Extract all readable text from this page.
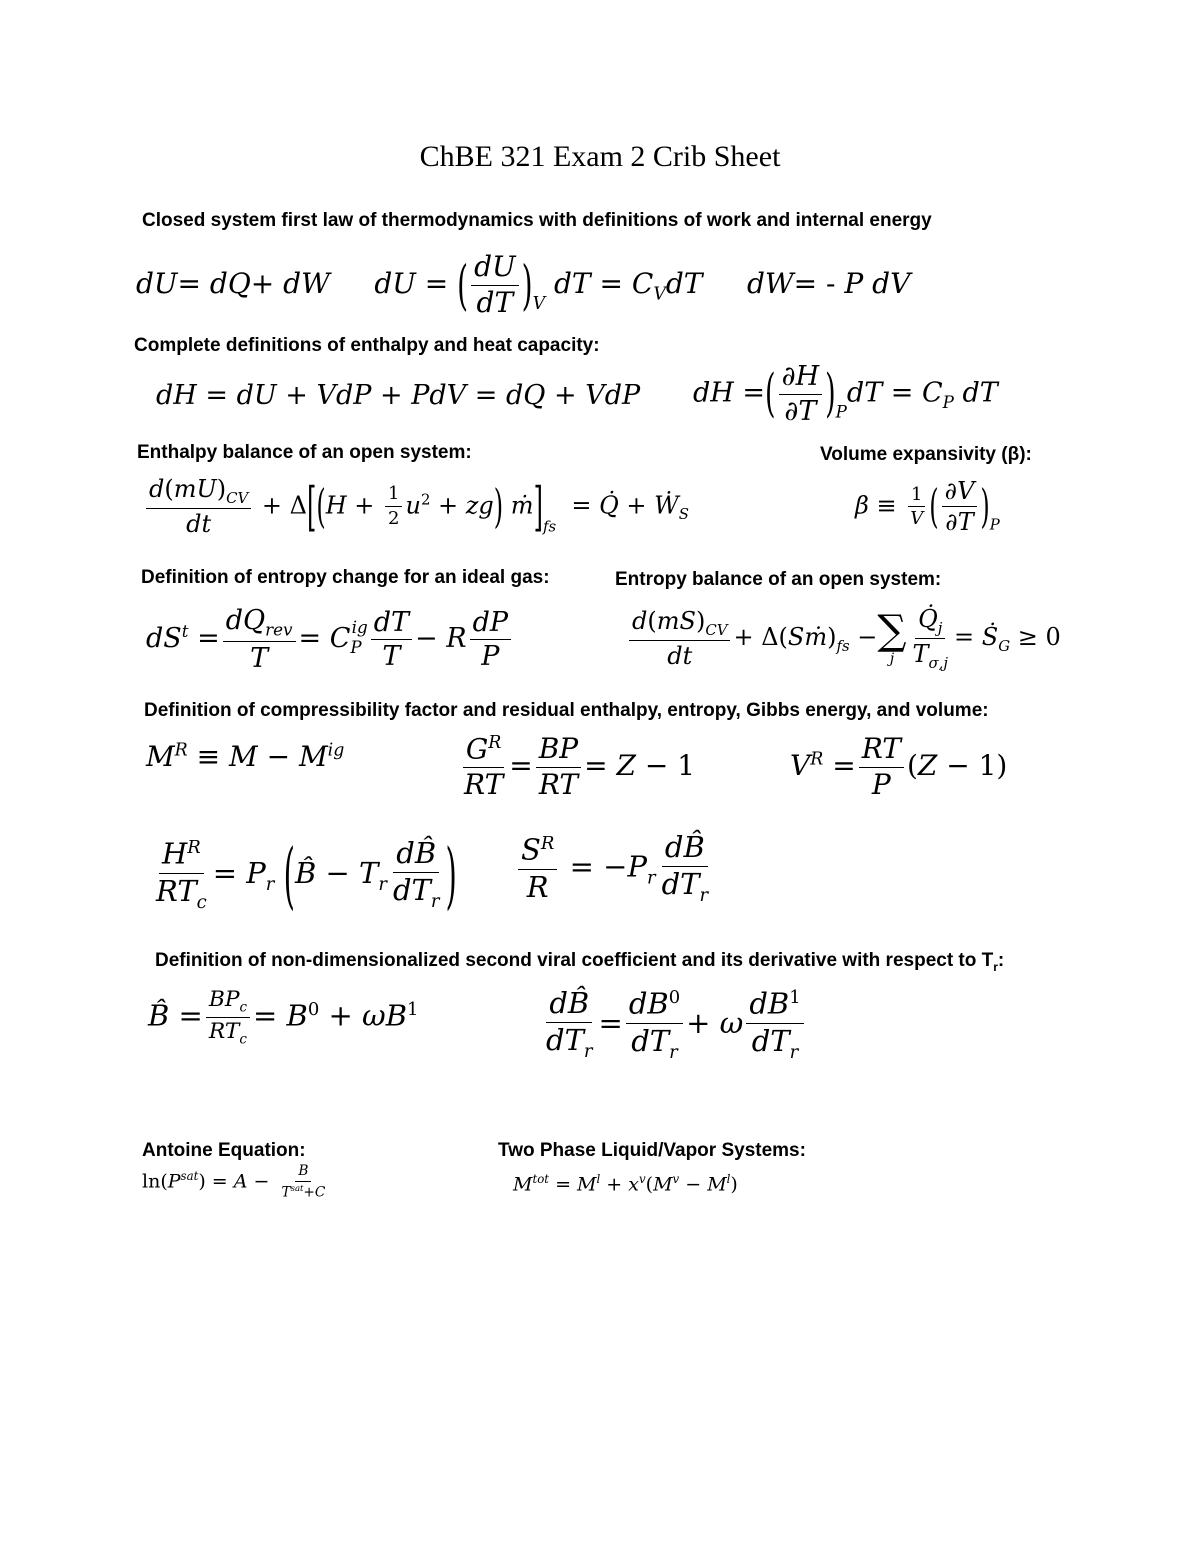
ChBE 321 Exam 2 Crib Sheet
Closed system first law of thermodynamics with definitions of work and internal energy
dU= dQ+ dW     dU = ( $\frac{dU}{dT} )_V$ dT = $C_VdT$     dW= - P dV
Complete definitions of enthalpy and heat capacity:
dH = dU + VdP + PdV = dQ + VdP dH =( $\frac{\partial H}{\partial T} )_PdT = C_P$ dT
Enthalpy balance of an open system:	Volume expansivity (β):
$\frac{d(mU)_{CV}}{dt} + \Delta[(H + \frac{1}{2} u^2 + zg)$ $ṁ]_{fs}$  = Q̇ + Ẇ$_S$	$\beta \equiv \frac{1}{V}$ ( $\frac{\partial V}{\partial T} )_P$
Definition of entropy change for an ideal gas:	Entropy balance of an open system:
$dS^t = \frac{dQ_{rev}}{T} = C_P^{ig} \frac{dT}{T} - R \frac{dP}{P}$	$\frac{d(mS)_{CV}}{dt}$ + $\Delta(Sṁ)_{fs}$ − ∑
j $\frac{Q̇_j}{T_{\sigma,j}}$ = Ṡ$_G$ ≥ 0
Definition of compressibility factor and residual enthalpy, entropy, Gibbs energy, and volume:
$M^R \equiv M - M^{ig}$	$\frac{G^R}{RT} = \frac{BP}{RT} = Z - 1$	$V^R = \frac{RT}{P} (Z - 1)$
$\frac{H^R}{RT_c} = P_r$ (B̂ − $T_r \frac{dB̂}{dT_r}$ ) $\frac{S^R}{R} = -P_r \frac{dB̂}{dT_r}$
Definition of non-dimensionalized second viral coefficient and its derivative with respect to $T_r$:
B̂ = $\frac{BP_c}{RT_c} = B^0 + \omega B^1$	$\frac{dB̂}{dT_r} = \frac{dB^0}{dT_r} + \omega \frac{dB^1}{dT_r}$
Antoine Equation:	Two Phase Liquid/Vapor Systems:
$\ln(P^{sat}) = A - \frac{B}{T^{sat}+C}$	$M^{tot} = M^l + x^v(M^v - M^l)$
